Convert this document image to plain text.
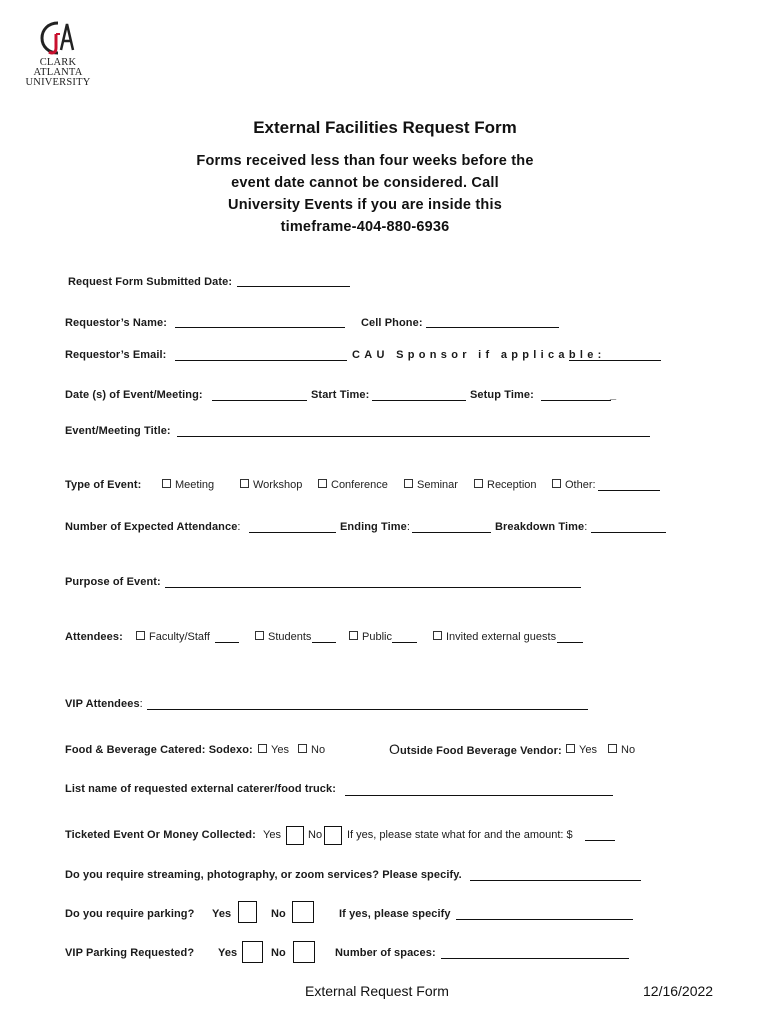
CLARK ATLANTA
UNIVERSITY
External Facilities Request Form
Forms received less than four weeks before the
event date cannot be considered. Call
University Events if you are inside this
timeframe-404-880-6936
Request Form Submitted Date:
Requestor’s Name:	Cell Phone:
Requestor’s Email:	CAU Sponsor if applicable:
Date (s) of Event/Meeting:	Start Time:	Setup Time:	_
Event/Meeting Title:
Type of Event:	Meeting	Workshop	Conference	Seminar	Reception	Other:
Number of Expected Attendance:	Ending Time:	Breakdown Time:
Purpose of Event:
Attendees:	Faculty/Staff	Students	Public	Invited external guests
VIP Attendees:
Food & Beverage Catered: Sodexo:	Yes	No	Outside Food Beverage Vendor:	Yes	No
List name of requested external caterer/food truck:
Ticketed Event Or Money Collected: Yes No If yes, please state what for and the amount: $
Do you require streaming, photography, or zoom services? Please specify.
Do you require parking? Yes	No	If yes, please specify
VIP Parking Requested? Yes	No	Number of spaces:
External Request Form	12/16/2022
